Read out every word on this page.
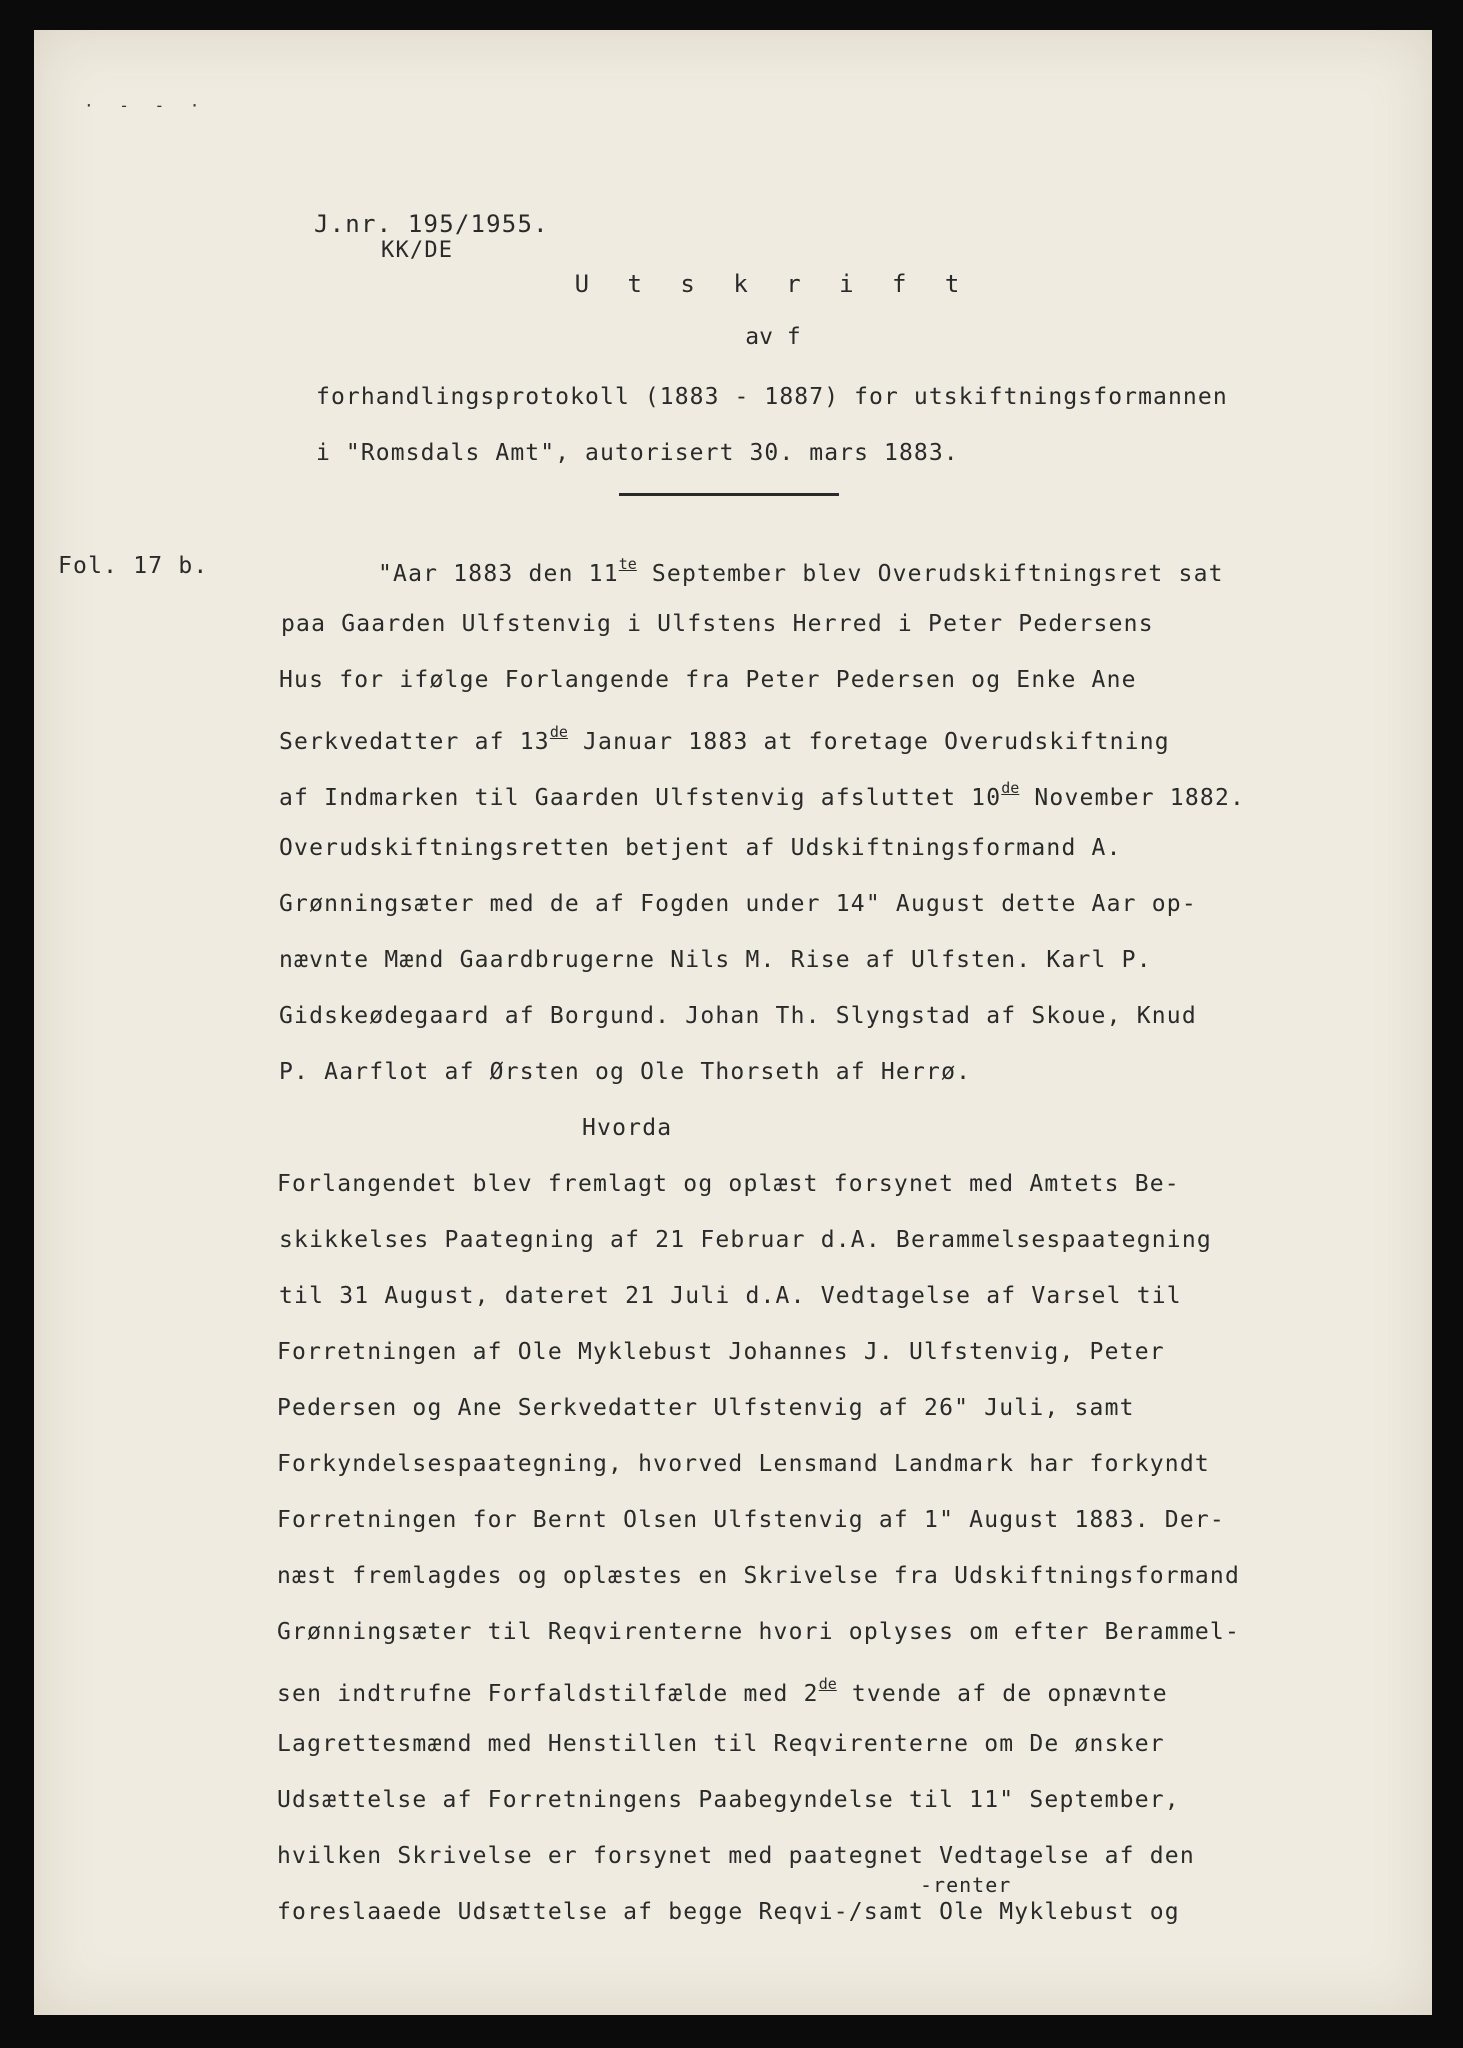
· - - ·
J.nr. 195/1955.
KK/DE
U t s k r i f t
av f
forhandlingsprotokoll (1883 - 1887) for utskiftningsformannen
i "Romsdals Amt", autorisert 30. mars 1883.
Fol. 17 b.	"Aar 1883 den $11^{te}$ September blev Overudskiftningsret sat
paa Gaarden Ulfstenvig i Ulfstens Herred i Peter Pedersens
Hus for ifølge Forlangende fra Peter Pedersen og Enke Ane
Serkvedatter af 13de Januar 1883 at foretage Overudskiftning
af Indmarken til Gaarden Ulfstenvig afsluttet 10de November 1882.
Overudskiftningsretten betjent af Udskiftningsformand A.
Grønningsæter med de af Fogden under 14" August dette Aar op-
nævnte Mænd Gaardbrugerne Nils M. Rise af Ulfsten. Karl P.
Gidskeødegaard af Borgund. Johan Th. Slyngstad af Skoue, Knud
P. Aarflot af Ørsten og Ole Thorseth af Herrø.
Hvorda
Forlangendet blev fremlagt og oplæst forsynet med Amtets Be-
skikkelses Paategning af 21 Februar d.A. Berammelsespaategning
til 31 August, dateret 21 Juli d.A. Vedtagelse af Varsel til
Forretningen af Ole Myklebust Johannes J. Ulfstenvig, Peter
Pedersen og Ane Serkvedatter Ulfstenvig af 26" Juli, samt
Forkyndelsespaategning, hvorved Lensmand Landmark har forkyndt
Forretningen for Bernt Olsen Ulfstenvig af 1" August 1883. Der-
næst fremlagdes og oplæstes en Skrivelse fra Udskiftningsformand
Grønningsæter til Reqvirenterne hvori oplyses om efter Berammel-
sen indtrufne Forfaldstilfælde med 2de tvende af de opnævnte
Lagrettesmænd med Henstillen til Reqvirenterne om De ønsker
Udsættelse af Forretningens Paabegyndelse til 11" September,
hvilken Skrivelse er forsynet med paategnet Vedtagelse af den
-renter
foreslaaede Udsættelse af begge Reqvi-/samt Ole Myklebust og
